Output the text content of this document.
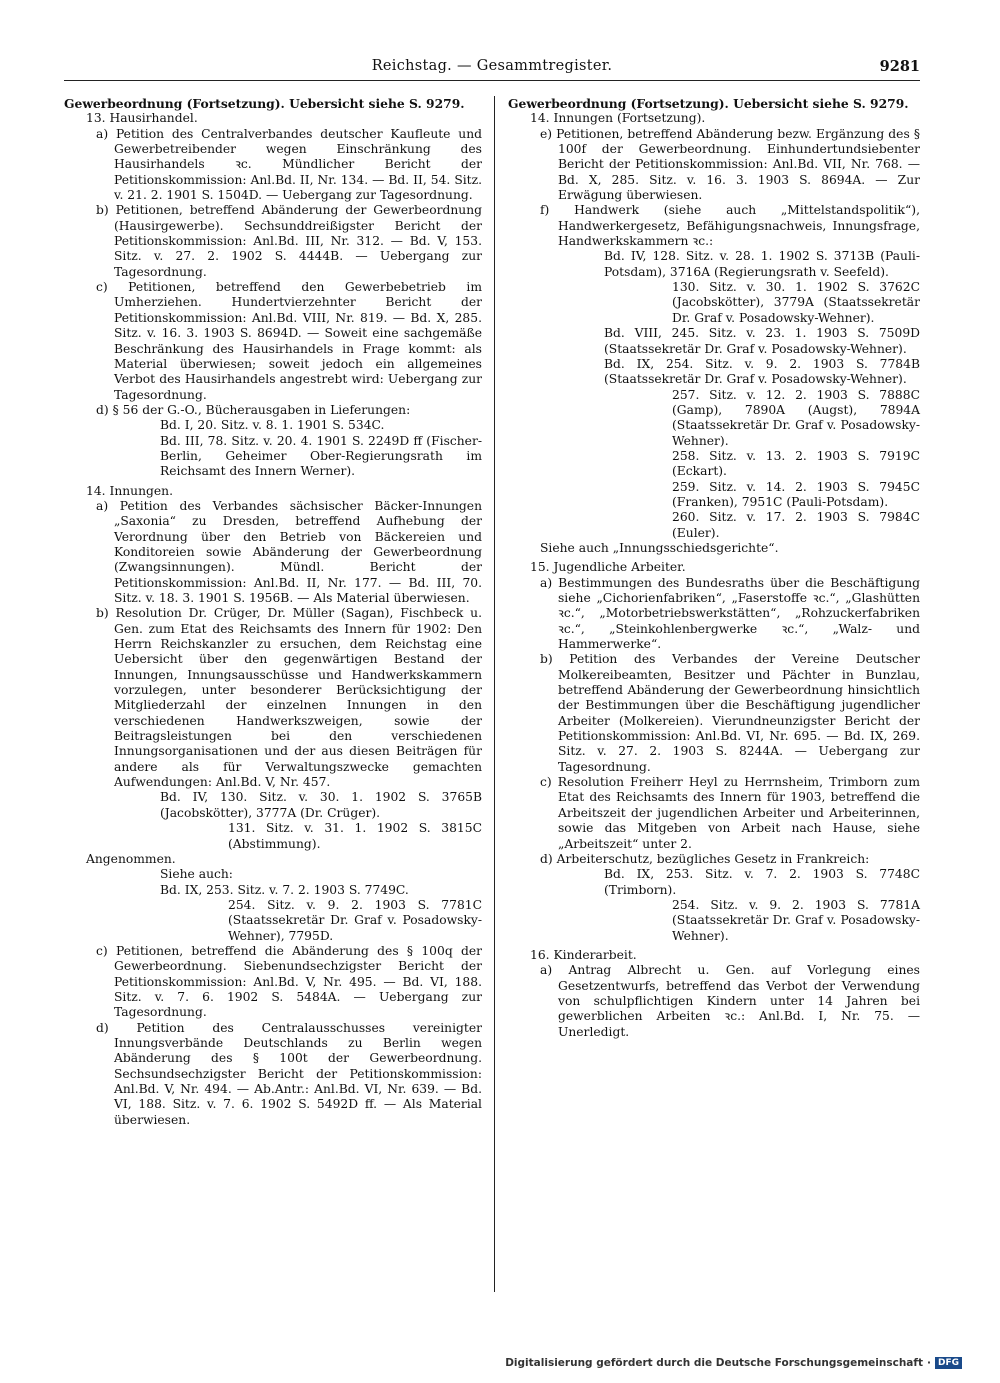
Reichstag. — Gesammtregister.	9281

Gewerbeordnung (Fortsetzung). Uebersicht siehe S. 9279.

13. Hausirhandel.

a) Petition des Centralverbandes deutscher Kaufleute und Gewerbetreibender wegen Einschränkung des Hausirhandels ꝛc. Mündlicher Bericht der Petitionskommission: Anl.Bd. II, Nr. 134. — Bd. II, 54. Sitz. v. 21. 2. 1901 S. 1504D. — Uebergang zur Tagesordnung.

b) Petitionen, betreffend Abänderung der Gewerbeordnung (Hausirgewerbe). Sechsunddreißigster Bericht der Petitionskommission: Anl.Bd. III, Nr. 312. — Bd. V, 153. Sitz. v. 27. 2. 1902 S. 4444B. — Uebergang zur Tagesordnung.

c) Petitionen, betreffend den Gewerbebetrieb im Umherziehen. Hundertvierzehnter Bericht der Petitionskommission: Anl.Bd. VIII, Nr. 819. — Bd. X, 285. Sitz. v. 16. 3. 1903 S. 8694D. — Soweit eine sachgemäße Beschränkung des Hausirhandels in Frage kommt: als Material überwiesen; soweit jedoch ein allgemeines Verbot des Hausirhandels angestrebt wird: Uebergang zur Tagesordnung.

d) § 56 der G.-O., Bücherausgaben in Lieferungen:

Bd. I, 20. Sitz. v. 8. 1. 1901 S. 534C.

Bd. III, 78. Sitz. v. 20. 4. 1901 S. 2249D ff (Fischer-Berlin, Geheimer Ober-Regierungsrath im Reichsamt des Innern Werner).

14. Innungen.

a) Petition des Verbandes sächsischer Bäcker-Innungen „Saxonia“ zu Dresden, betreffend Aufhebung der Verordnung über den Betrieb von Bäckereien und Konditoreien sowie Abänderung der Gewerbeordnung (Zwangsinnungen). Mündl. Bericht der Petitionskommission: Anl.Bd. II, Nr. 177. — Bd. III, 70. Sitz. v. 18. 3. 1901 S. 1956B. — Als Material überwiesen.

b) Resolution Dr. Crüger, Dr. Müller (Sagan), Fischbeck u. Gen. zum Etat des Reichsamts des Innern für 1902: Den Herrn Reichskanzler zu ersuchen, dem Reichstag eine Uebersicht über den gegenwärtigen Bestand der Innungen, Innungsausschüsse und Handwerkskammern vorzulegen, unter besonderer Berücksichtigung der Mitgliederzahl der einzelnen Innungen in den verschiedenen Handwerkszweigen, sowie der Beitragsleistungen bei den verschiedenen Innungsorganisationen und der aus diesen Beiträgen für andere als für Verwaltungszwecke gemachten Aufwendungen: Anl.Bd. V, Nr. 457.

Bd. IV, 130. Sitz. v. 30. 1. 1902 S. 3765B (Jacobskötter), 3777A (Dr. Crüger).

131. Sitz. v. 31. 1. 1902 S. 3815C (Abstimmung).

Angenommen.

Siehe auch:

Bd. IX, 253. Sitz. v. 7. 2. 1903 S. 7749C.

254. Sitz. v. 9. 2. 1903 S. 7781C (Staatssekretär Dr. Graf v. Posadowsky-Wehner), 7795D.

c) Petitionen, betreffend die Abänderung des § 100q der Gewerbeordnung. Siebenundsechzigster Bericht der Petitionskommission: Anl.Bd. V, Nr. 495. — Bd. VI, 188. Sitz. v. 7. 6. 1902 S. 5484A. — Uebergang zur Tagesordnung.

d) Petition des Centralausschusses vereinigter Innungsverbände Deutschlands zu Berlin wegen Abänderung des § 100t der Gewerbeordnung. Sechsundsechzigster Bericht der Petitionskommission: Anl.Bd. V, Nr. 494. — Ab.Antr.: Anl.Bd. VI, Nr. 639. — Bd. VI, 188. Sitz. v. 7. 6. 1902 S. 5492D ff. — Als Material überwiesen.

Gewerbeordnung (Fortsetzung). Uebersicht siehe S. 9279.

14. Innungen (Fortsetzung).

e) Petitionen, betreffend Abänderung bezw. Ergänzung des § 100f der Gewerbeordnung. Einhundertundsiebenter Bericht der Petitionskommission: Anl.Bd. VII, Nr. 768. — Bd. X, 285. Sitz. v. 16. 3. 1903 S. 8694A. — Zur Erwägung überwiesen.

f) Handwerk (siehe auch „Mittelstandspolitik“), Handwerkergesetz, Befähigungsnachweis, Innungsfrage, Handwerkskammern ꝛc.:

Bd. IV, 128. Sitz. v. 28. 1. 1902 S. 3713B (Pauli-Potsdam), 3716A (Regierungsrath v. Seefeld).

130. Sitz. v. 30. 1. 1902 S. 3762C (Jacobskötter), 3779A (Staatssekretär Dr. Graf v. Posadowsky-Wehner).

Bd. VIII, 245. Sitz. v. 23. 1. 1903 S. 7509D (Staatssekretär Dr. Graf v. Posadowsky-Wehner).

Bd. IX, 254. Sitz. v. 9. 2. 1903 S. 7784B (Staatssekretär Dr. Graf v. Posadowsky-Wehner).

257. Sitz. v. 12. 2. 1903 S. 7888C (Gamp), 7890A (Augst), 7894A (Staatssekretär Dr. Graf v. Posadowsky-Wehner).

258. Sitz. v. 13. 2. 1903 S. 7919C (Eckart).

259. Sitz. v. 14. 2. 1903 S. 7945C (Franken), 7951C (Pauli-Potsdam).

260. Sitz. v. 17. 2. 1903 S. 7984C (Euler).

Siehe auch „Innungsschiedsgerichte“.

15. Jugendliche Arbeiter.

a) Bestimmungen des Bundesraths über die Beschäftigung siehe „Cichorienfabriken“, „Faserstoffe ꝛc.“, „Glashütten ꝛc.“, „Motorbetriebswerkstätten“, „Rohzuckerfabriken ꝛc.“, „Steinkohlenbergwerke ꝛc.“, „Walz- und Hammerwerke“.

b) Petition des Verbandes der Vereine Deutscher Molkereibeamten, Besitzer und Pächter in Bunzlau, betreffend Abänderung der Gewerbeordnung hinsichtlich der Bestimmungen über die Beschäftigung jugendlicher Arbeiter (Molkereien). Vierundneunzigster Bericht der Petitionskommission: Anl.Bd. VI, Nr. 695. — Bd. IX, 269. Sitz. v. 27. 2. 1903 S. 8244A. — Uebergang zur Tagesordnung.

c) Resolution Freiherr Heyl zu Herrnsheim, Trimborn zum Etat des Reichsamts des Innern für 1903, betreffend die Arbeitszeit der jugendlichen Arbeiter und Arbeiterinnen, sowie das Mitgeben von Arbeit nach Hause, siehe „Arbeitszeit“ unter 2.

d) Arbeiterschutz, bezügliches Gesetz in Frankreich:

Bd. IX, 253. Sitz. v. 7. 2. 1903 S. 7748C (Trimborn).

254. Sitz. v. 9. 2. 1903 S. 7781A (Staatssekretär Dr. Graf v. Posadowsky-Wehner).

16. Kinderarbeit.

a) Antrag Albrecht u. Gen. auf Vorlegung eines Gesetzentwurfs, betreffend das Verbot der Verwendung von schulpflichtigen Kindern unter 14 Jahren bei gewerblichen Arbeiten ꝛc.: Anl.Bd. I, Nr. 75. — Unerledigt.

Digitalisierung gefördert durch die Deutsche Forschungsgemeinschaft · DFG
